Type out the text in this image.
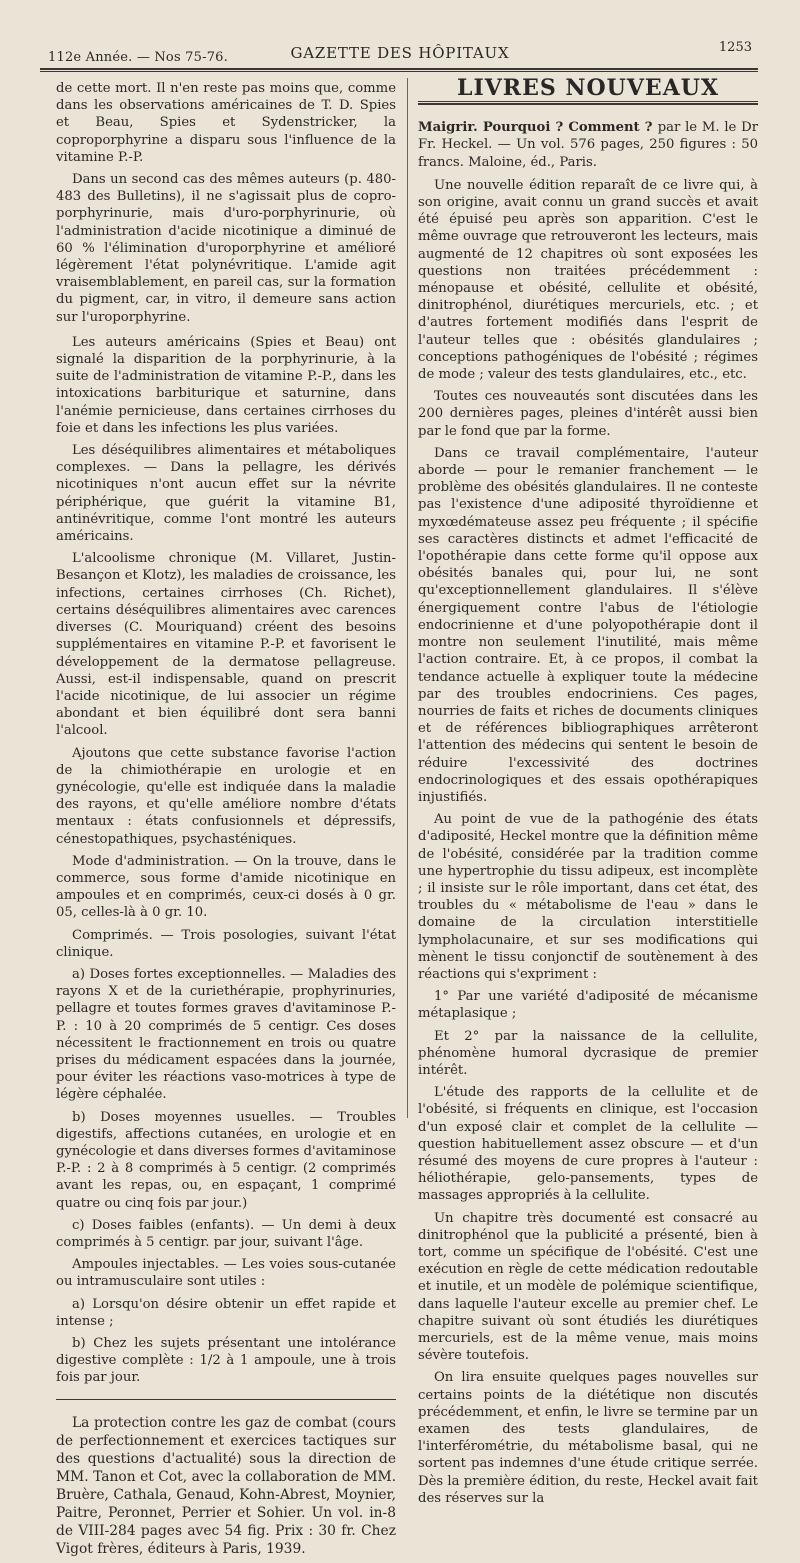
112e Année. — Nos 75-76.	GAZETTE DES HÔPITAUX	1253

de cette mort. Il n'en reste pas moins que, comme dans les observations américaines de T. D. Spies et Beau, Spies et Sydenstricker, la coproporphyrine a disparu sous l'influence de la vitamine P.-P.

Dans un second cas des mêmes auteurs (p. 480-483 des Bulletins), il ne s'agissait plus de copro-porphyrinurie, mais d'uro-porphyrinurie, où l'administration d'acide nicotinique a diminué de 60 % l'élimination d'uroporphyrine et amélioré légèrement l'état polynévritique. L'amide agit vraisemblablement, en pareil cas, sur la formation du pigment, car, in vitro, il demeure sans action sur l'uroporphyrine.

Les auteurs américains (Spies et Beau) ont signalé la disparition de la porphyrinurie, à la suite de l'administration de vitamine P.-P., dans les intoxications barbiturique et saturnine, dans l'anémie pernicieuse, dans certaines cirrhoses du foie et dans les infections les plus variées.

Les déséquilibres alimentaires et métaboliques complexes. — Dans la pellagre, les dérivés nicotiniques n'ont aucun effet sur la névrite périphérique, que guérit la vitamine B1, antinévritique, comme l'ont montré les auteurs américains.

L'alcoolisme chronique (M. Villaret, Justin-Besançon et Klotz), les maladies de croissance, les infections, certaines cirrhoses (Ch. Richet), certains déséquilibres alimentaires avec carences diverses (C. Mouriquand) créent des besoins supplémentaires en vitamine P.-P. et favorisent le développement de la dermatose pellagreuse. Aussi, est-il indispensable, quand on prescrit l'acide nicotinique, de lui associer un régime abondant et bien équilibré dont sera banni l'alcool.

Ajoutons que cette substance favorise l'action de la chimiothérapie en urologie et en gynécologie, qu'elle est indiquée dans la maladie des rayons, et qu'elle améliore nombre d'états mentaux : états confusionnels et dépressifs, cénestopathiques, psychasténiques.

Mode d'administration. — On la trouve, dans le commerce, sous forme d'amide nicotinique en ampoules et en comprimés, ceux-ci dosés à 0 gr. 05, celles-là à 0 gr. 10.

Comprimés. — Trois posologies, suivant l'état clinique.

a) Doses fortes exceptionnelles. — Maladies des rayons X et de la curiethérapie, prophyrinuries, pellagre et toutes formes graves d'avitaminose P.-P. : 10 à 20 comprimés de 5 centigr. Ces doses nécessitent le fractionnement en trois ou quatre prises du médicament espacées dans la journée, pour éviter les réactions vaso-motrices à type de légère céphalée.

b) Doses moyennes usuelles. — Troubles digestifs, affections cutanées, en urologie et en gynécologie et dans diverses formes d'avitaminose P.-P. : 2 à 8 comprimés à 5 centigr. (2 comprimés avant les repas, ou, en espaçant, 1 comprimé quatre ou cinq fois par jour.)

c) Doses faibles (enfants). — Un demi à deux comprimés à 5 centigr. par jour, suivant l'âge.

Ampoules injectables. — Les voies sous-cutanée ou intramusculaire sont utiles :

a) Lorsqu'on désire obtenir un effet rapide et intense ;

b) Chez les sujets présentant une intolérance digestive complète : 1/2 à 1 ampoule, une à trois fois par jour.

La protection contre les gaz de combat (cours de perfectionnement et exercices tactiques sur des questions d'actualité) sous la direction de MM. Tanon et Cot, avec la collaboration de MM. Bruère, Cathala, Genaud, Kohn-Abrest, Moynier, Paitre, Peronnet, Perrier et Sohier. Un vol. in-8 de VIII-284 pages avec 54 fig. Prix : 30 fr. Chez Vigot frères, éditeurs à Paris, 1939.

LIVRES NOUVEAUX

Maigrir. Pourquoi ? Comment ? par le M. le Dr Fr. Heckel. — Un vol. 576 pages, 250 figures : 50 francs. Maloine, éd., Paris.

Une nouvelle édition reparaît de ce livre qui, à son origine, avait connu un grand succès et avait été épuisé peu après son apparition. C'est le même ouvrage que retrouveront les lecteurs, mais augmenté de 12 chapitres où sont exposées les questions non traitées précédemment : ménopause et obésité, cellulite et obésité, dinitrophénol, diurétiques mercuriels, etc. ; et d'autres fortement modifiés dans l'esprit de l'auteur telles que : obésités glandulaires ; conceptions pathogéniques de l'obésité ; régimes de mode ; valeur des tests glandulaires, etc., etc.

Toutes ces nouveautés sont discutées dans les 200 dernières pages, pleines d'intérêt aussi bien par le fond que par la forme.

Dans ce travail complémentaire, l'auteur aborde — pour le remanier franchement — le problème des obésités glandulaires. Il ne conteste pas l'existence d'une adiposité thyroïdienne et myxœdémateuse assez peu fréquente ; il spécifie ses caractères distincts et admet l'efficacité de l'opothérapie dans cette forme qu'il oppose aux obésités banales qui, pour lui, ne sont qu'exceptionnellement glandulaires. Il s'élève énergiquement contre l'abus de l'étiologie endocrinienne et d'une polyopothérapie dont il montre non seulement l'inutilité, mais même l'action contraire. Et, à ce propos, il combat la tendance actuelle à expliquer toute la médecine par des troubles endocriniens. Ces pages, nourries de faits et riches de documents cliniques et de références bibliographiques arrêteront l'attention des médecins qui sentent le besoin de réduire l'excessivité des doctrines endocrinologiques et des essais opothérapiques injustifiés.

Au point de vue de la pathogénie des états d'adiposité, Heckel montre que la définition même de l'obésité, considérée par la tradition comme une hypertrophie du tissu adipeux, est incomplète ; il insiste sur le rôle important, dans cet état, des troubles du « métabolisme de l'eau » dans le domaine de la circulation interstitielle lympholacunaire, et sur ses modifications qui mènent le tissu conjonctif de soutènement à des réactions qui s'expriment :

1° Par une variété d'adiposité de mécanisme métaplasique ;

Et 2° par la naissance de la cellulite, phénomène humoral dycrasique de premier intérêt.

L'étude des rapports de la cellulite et de l'obésité, si fréquents en clinique, est l'occasion d'un exposé clair et complet de la cellulite — question habituellement assez obscure — et d'un résumé des moyens de cure propres à l'auteur : héliothérapie, gelo-pansements, types de massages appropriés à la cellulite.

Un chapitre très documenté est consacré au dinitrophénol que la publicité a présenté, bien à tort, comme un spécifique de l'obésité. C'est une exécution en règle de cette médication redoutable et inutile, et un modèle de polémique scientifique, dans laquelle l'auteur excelle au premier chef. Le chapitre suivant où sont étudiés les diurétiques mercuriels, est de la même venue, mais moins sévère toutefois.

On lira ensuite quelques pages nouvelles sur certains points de la diététique non discutés précédemment, et enfin, le livre se termine par un examen des tests glandulaires, de l'interférométrie, du métabolisme basal, qui ne sortent pas indemnes d'une étude critique serrée. Dès la première édition, du reste, Heckel avait fait des réserves sur la
